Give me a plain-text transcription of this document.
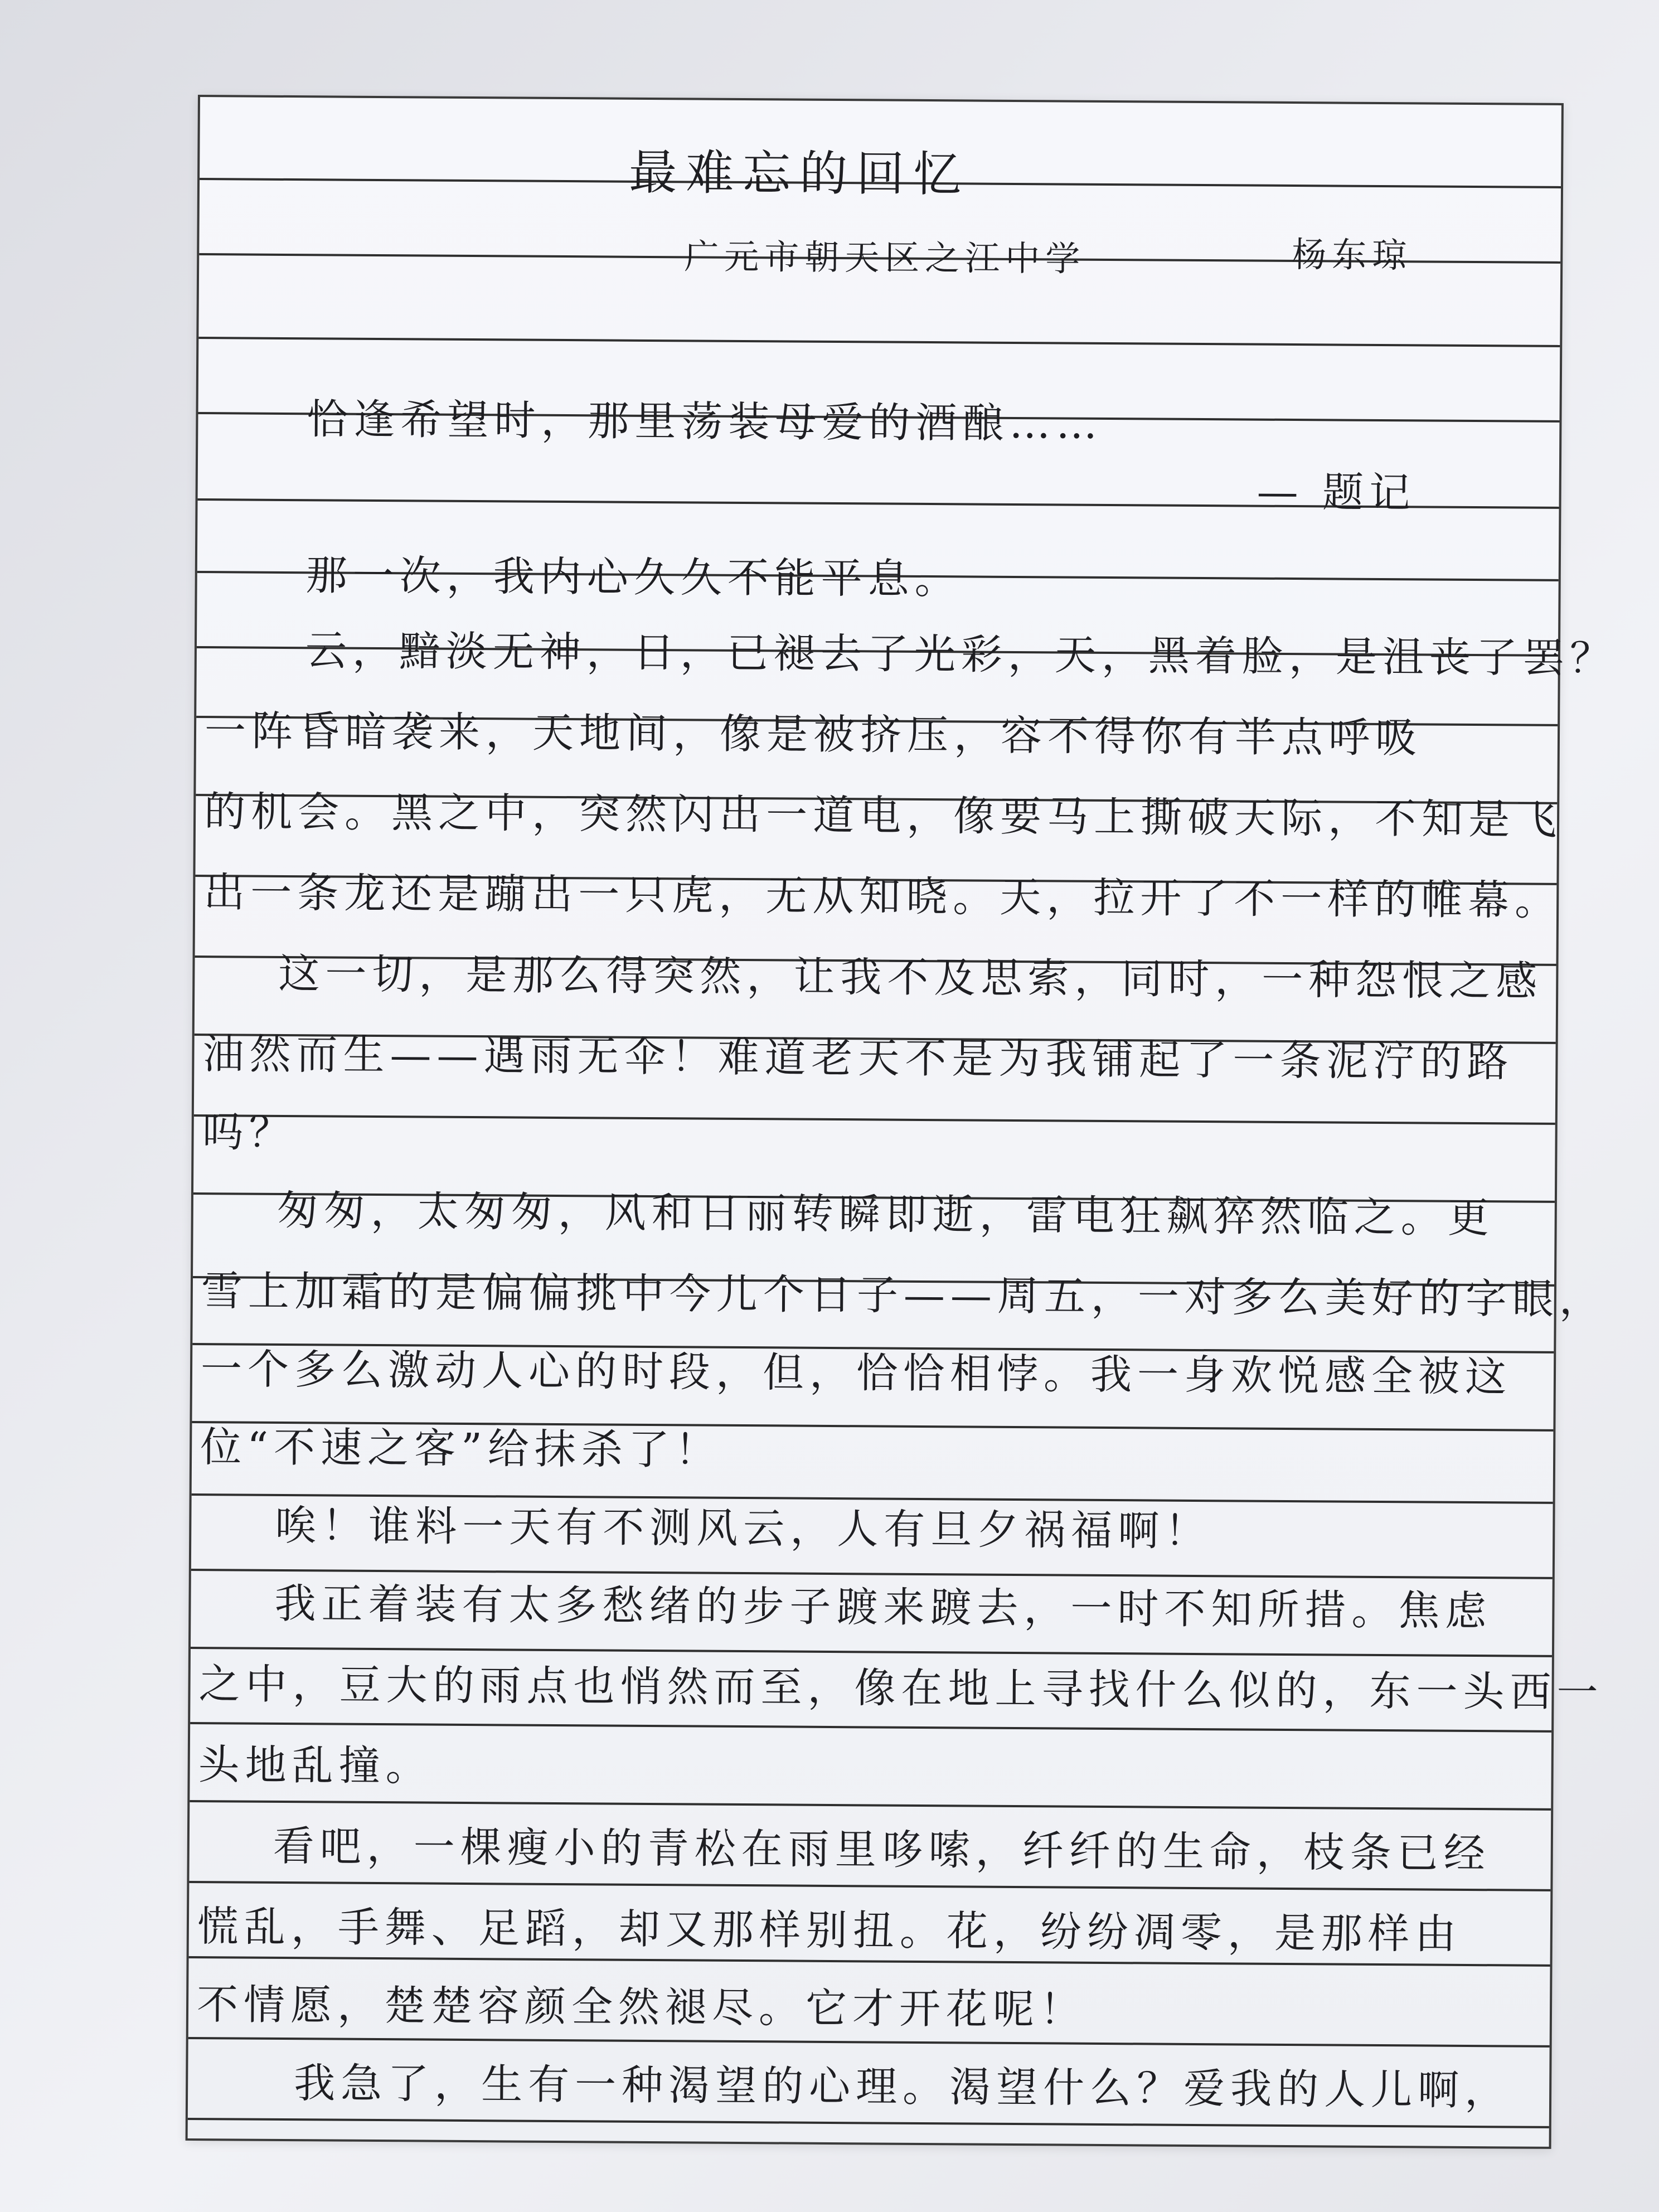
最难忘的回忆
广元市朝天区之江中学	杨东琼
恰逢希望时，那里荡装母爱的酒酿……
— 题记
那一次，我内心久久不能平息。
云，黯淡无神，日，已褪去了光彩，天，黑着脸，是沮丧了罢？
一阵昏暗袭来，天地间，像是被挤压，容不得你有半点呼吸
的机会。黑之中，突然闪出一道电，像要马上撕破天际，不知是飞
出一条龙还是蹦出一只虎，无从知晓。天，拉开了不一样的帷幕。
这一切，是那么得突然，让我不及思索，同时，一种怨恨之感
油然而生——遇雨无伞！难道老天不是为我铺起了一条泥泞的路
吗？
匆匆，太匆匆，风和日丽转瞬即逝，雷电狂飙猝然临之。更
雪上加霜的是偏偏挑中今儿个日子——周五，一对多么美好的字眼，
一个多么激动人心的时段，但，恰恰相悖。我一身欢悦感全被这
位“不速之客”给抹杀了！
唉！谁料一天有不测风云，人有旦夕祸福啊！
我正着装有太多愁绪的步子踱来踱去，一时不知所措。焦虑
之中，豆大的雨点也悄然而至，像在地上寻找什么似的，东一头西一
头地乱撞。
看吧，一棵瘦小的青松在雨里哆嗦，纤纤的生命，枝条已经
慌乱，手舞、足蹈，却又那样别扭。花，纷纷凋零，是那样由
不情愿，楚楚容颜全然褪尽。它才开花呢！
我急了，生有一种渴望的心理。渴望什么？爱我的人儿啊，
